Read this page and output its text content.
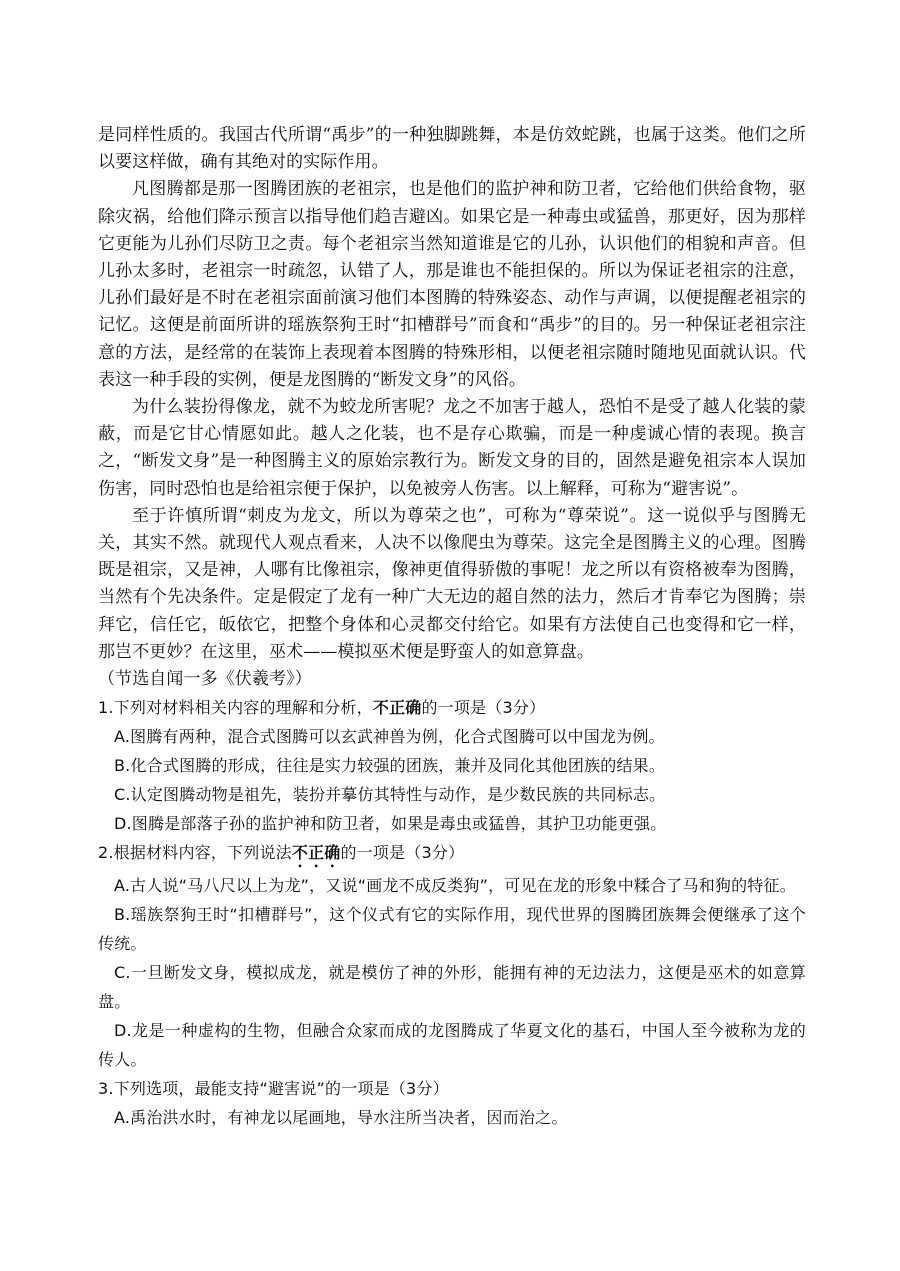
是同样性质的。我国古代所谓“禹步”的一种独脚跳舞，本是仿效蛇跳，也属于这类。他们之所以要这样做，确有其绝对的实际作用。

凡图腾都是那一图腾团族的老祖宗，也是他们的监护神和防卫者，它给他们供给食物，驱除灾祸，给他们降示预言以指导他们趋吉避凶。如果它是一种毒虫或猛兽，那更好，因为那样它更能为儿孙们尽防卫之责。每个老祖宗当然知道谁是它的儿孙，认识他们的相貌和声音。但儿孙太多时，老祖宗一时疏忽，认错了人，那是谁也不能担保的。所以为保证老祖宗的注意，儿孙们最好是不时在老祖宗面前演习他们本图腾的特殊姿态、动作与声调，以便提醒老祖宗的记忆。这便是前面所讲的瑶族祭狗王时“扣槽群号”而食和“禹步”的目的。另一种保证老祖宗注意的方法，是经常的在装饰上表现着本图腾的特殊形相，以便老祖宗随时随地见面就认识。代表这一种手段的实例，便是龙图腾的“断发文身”的风俗。

为什么装扮得像龙，就不为蛟龙所害呢？龙之不加害于越人，恐怕不是受了越人化装的蒙蔽，而是它甘心情愿如此。越人之化装，也不是存心欺骗，而是一种虔诚心情的表现。换言之，“断发文身”是一种图腾主义的原始宗教行为。断发文身的目的，固然是避免祖宗本人误加伤害，同时恐怕也是给祖宗便于保护，以免被旁人伤害。以上解释，可称为“避害说”。

至于许慎所谓“刺皮为龙文，所以为尊荣之也”，可称为“尊荣说”。这一说似乎与图腾无关，其实不然。就现代人观点看来，人决不以像爬虫为尊荣。这完全是图腾主义的心理。图腾既是祖宗，又是神，人哪有比像祖宗，像神更值得骄傲的事呢！龙之所以有资格被奉为图腾，当然有个先决条件。定是假定了龙有一种广大无边的超自然的法力，然后才肯奉它为图腾；崇拜它，信任它，皈依它，把整个身体和心灵都交付给它。如果有方法使自己也变得和它一样，那岂不更妙？在这里，巫术——模拟巫术便是野蛮人的如意算盘。

（节选自闻一多《伏羲考》）

1.下列对材料相关内容的理解和分析，不正确的一项是（3分）

A.图腾有两种，混合式图腾可以玄武神兽为例，化合式图腾可以中国龙为例。

B.化合式图腾的形成，往往是实力较强的团族，兼并及同化其他团族的结果。

C.认定图腾动物是祖先，装扮并摹仿其特性与动作，是少数民族的共同标志。

D.图腾是部落子孙的监护神和防卫者，如果是毒虫或猛兽，其护卫功能更强。

2.根据材料内容，下列说法不正确的一项是（3分）

A.古人说“马八尺以上为龙”，又说“画龙不成反类狗”，可见在龙的形象中糅合了马和狗的特征。

B.瑶族祭狗王时“扣槽群号”，这个仪式有它的实际作用，现代世界的图腾团族舞会便继承了这个传统。

C.一旦断发文身，模拟成龙，就是模仿了神的外形，能拥有神的无边法力，这便是巫术的如意算盘。

D.龙是一种虚构的生物，但融合众家而成的龙图腾成了华夏文化的基石，中国人至今被称为龙的传人。

3.下列选项，最能支持“避害说”的一项是（3分）

A.禹治洪水时，有神龙以尾画地，导水注所当决者，因而治之。
